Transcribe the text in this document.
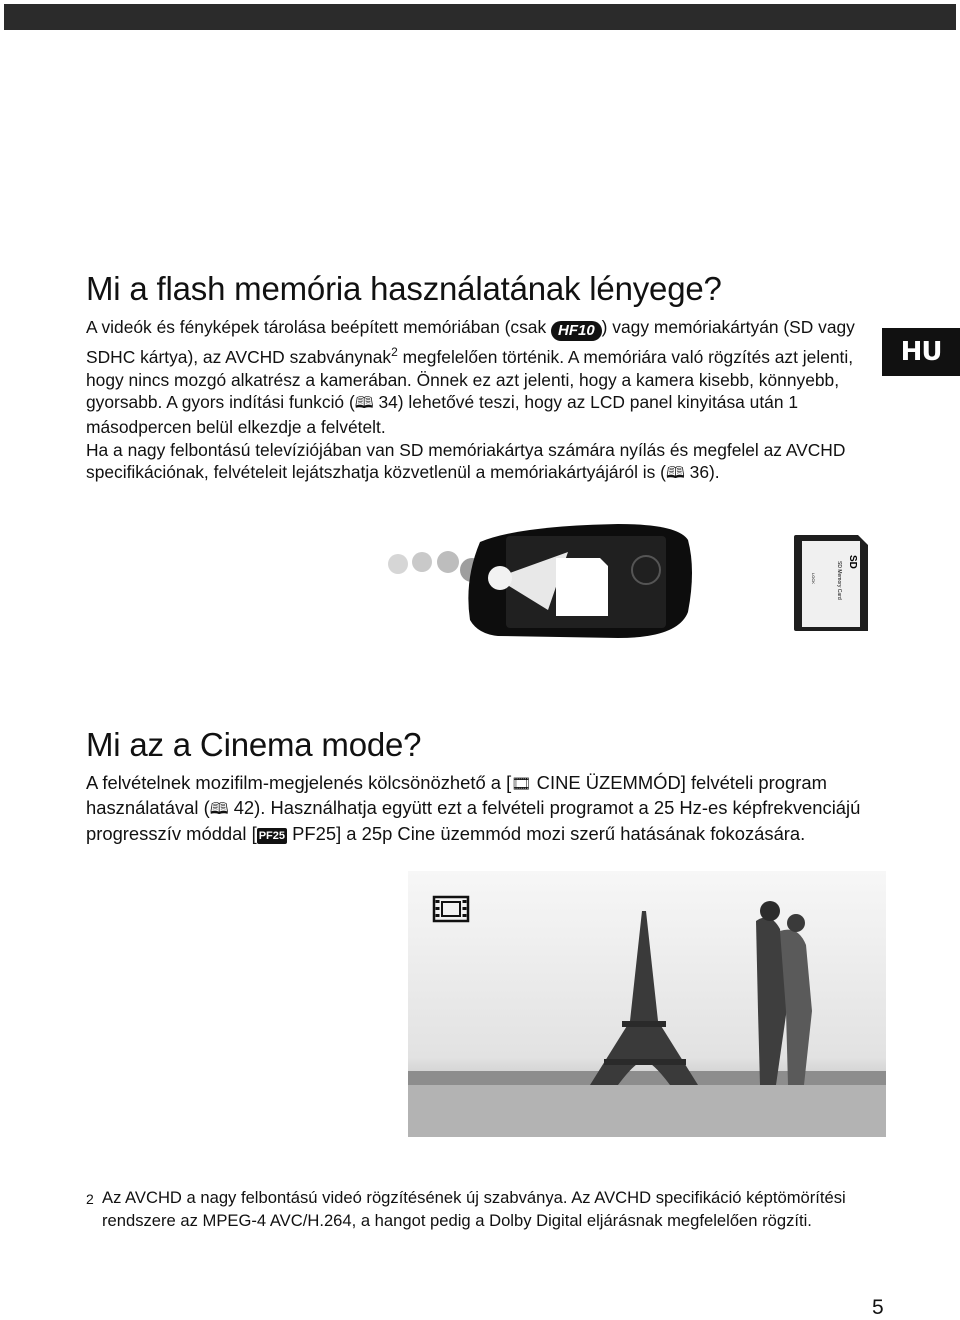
HU
Mi a flash memória használatának lényege?

A videók és fényképek tárolása beépített memóriában (csak HF10 ) vagy memóriakártyán (SD vagy SDHC kártya), az AVCHD szabványnak$^2$ megfelelően történik. A memóriára való rögzítés azt jelenti, hogy nincs mozgó alkatrész a kamerában. Önnek ez azt jelenti, hogy a kamera kisebb, könnyebb, gyorsabb. A gyors indítási funkció (🕮 34) lehetővé teszi, hogy az LCD panel kinyitása után 1 másodpercen belül elkezdje a felvételt.

Ha a nagy felbontású televíziójában van SD memóriakártya számára nyílás és megfelel az AVCHD specifikációnak, felvételeit lejátszhatja közvetlenül a memóriakártyájáról is (🕮 36).

SD
SD Memory Card
LOCK
Mi az a Cinema mode?

A felvételnek mozifilm-megjelenés kölcsönözhető a [🎞 CINE ÜZEMMÓD] felvételi program használatával (🕮 42). Használhatja együtt ezt a felvételi programot a 25 Hz-es képfrekvenciájú progresszív móddal [ PF25 PF25] a 25p Cine üzemmód mozi szerű hatásának fokozására.

2 Az AVCHD a nagy felbontású videó rögzítésének új szabványa. Az AVCHD specifikáció képtömörítési rendszere az MPEG-4 AVC/H.264, a hangot pedig a Dolby Digital eljárásnak megfelelően rögzíti.
5
